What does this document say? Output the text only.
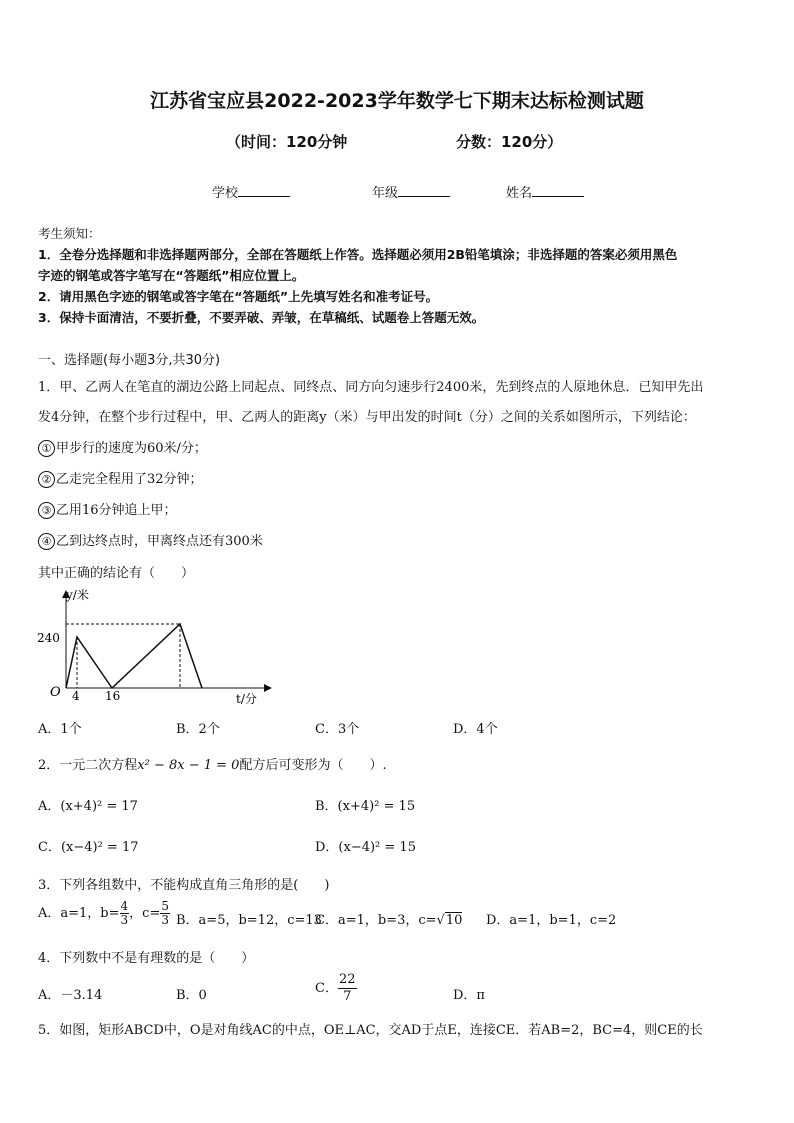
江苏省宝应县2022-2023学年数学七下期末达标检测试题
（时间：120分钟	分数：120分）
学校	年级	姓名
考生须知：
1．全卷分选择题和非选择题两部分，全部在答题纸上作答。选择题必须用2B铅笔填涂；非选择题的答案必须用黑色
字迹的钢笔或答字笔写在“答题纸”相应位置上。
2．请用黑色字迹的钢笔或答字笔在“答题纸”上先填写姓名和准考证号。
3．保持卡面清洁，不要折叠，不要弄破、弄皱，在草稿纸、试题卷上答题无效。
一、选择题(每小题3分,共30分)
1．甲、乙两人在笔直的湖边公路上同起点、同终点、同方向匀速步行2400米，先到终点的人原地休息．已知甲先出
发4分钟，在整个步行过程中，甲、乙两人的距离y（米）与甲出发的时间t（分）之间的关系如图所示，下列结论：
① 甲步行的速度为60米/分；
② 乙走完全程用了32分钟；
③ 乙用16分钟追上甲；
④ 乙到达终点时，甲离终点还有300米
其中正确的结论有（　　）
y/米
t/分
O
240
4 16
A．1个	B．2个	C．3个	D．4个
2．一元二次方程x² − 8x − 1 = 0配方后可变形为（　　）.
A．(x+4)² = 17	B．(x+4)² = 15
C．(x−4)² = 17	D．(x−4)² = 15
3．下列各组数中，不能构成直角三角形的是(　　)
A．a=1，$b= \frac{4}{3}$ ，$c= \frac{5}{3}$ B．a=5，b=12，c=13
C．a=1，b=3，c=√10 D．a=1，b=1，c=2
4．下列数中不是有理数的是（　　）
A．－3.14	B．0	C． $\frac{22}{7}$	D．π
5．如图，矩形ABCD中，O是对角线AC的中点，OE⊥AC，交AD于点E，连接CE．若AB=2，BC=4，则CE的长
